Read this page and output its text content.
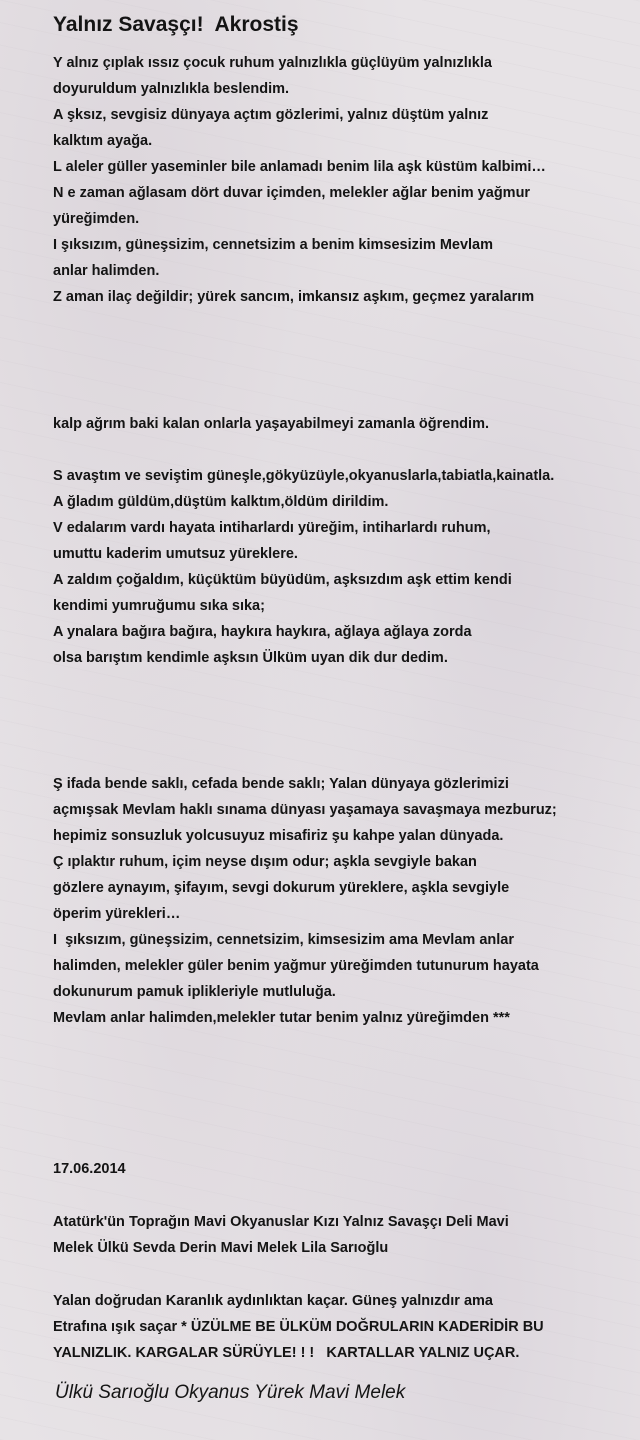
Yalnız Savaşçı!  Akrostiş
Y alnız çıplak ıssız çocuk ruhum yalnızlıkla güçlüyüm yalnızlıkla
doyuruldum yalnızlıkla beslendim.
A şksız, sevgisiz dünyaya açtım gözlerimi, yalnız düştüm yalnız
kalktım ayağa.
L aleler güller yaseminler bile anlamadı benim lila aşk küstüm kalbimi…
N e zaman ağlasam dört duvar içimden, melekler ağlar benim yağmur
yüreğimden.
I şıksızım, güneşsizim, cennetsizim a benim kimsesizim Mevlam
anlar halimden.
Z aman ilaç değildir; yürek sancım, imkansız aşkım, geçmez yaralarım
kalp ağrım baki kalan onlarla yaşayabilmeyi zamanla öğrendim.
S avaştım ve seviştim güneşle,gökyüzüyle,okyanuslarla,tabiatla,kainatla.
A ğladım güldüm,düştüm kalktım,öldüm dirildim.
V edalarım vardı hayata intiharlardı yüreğim, intiharlardı ruhum,
umuttu kaderim umutsuz yüreklere.
A zaldım çoğaldım, küçüktüm büyüdüm, aşksızdım aşk ettim kendi
kendimi yumruğumu sıka sıka;
A ynalara bağıra bağıra, haykıra haykıra, ağlaya ağlaya zorda
olsa barıştım kendimle aşksın Ülküm uyan dik dur dedim.
Ş ifada bende saklı, cefada bende saklı; Yalan dünyaya gözlerimizi
açmışsak Mevlam haklı sınama dünyası yaşamaya savaşmaya mezburuz;
hepimiz sonsuzluk yolcusuyuz misafiriz şu kahpe yalan dünyada.
Ç ıplaktır ruhum, içim neyse dışım odur; aşkla sevgiyle bakan
gözlere aynayım, şifayım, sevgi dokurum yüreklere, aşkla sevgiyle
öperim yürekleri…
I  şıksızım, güneşsizim, cennetsizim, kimsesizim ama Mevlam anlar
halimden, melekler güler benim yağmur yüreğimden tutunurum hayata
dokunurum pamuk iplikleriyle mutluluğa.
Mevlam anlar halimden,melekler tutar benim yalnız yüreğimden ***
17.06.2014
Atatürk'ün Toprağın Mavi Okyanuslar Kızı Yalnız Savaşçı Deli Mavi
Melek Ülkü Sevda Derin Mavi Melek Lila Sarıoğlu
Yalan doğrudan Karanlık aydınlıktan kaçar. Güneş yalnızdır ama
Etrafına ışık saçar * ÜZÜLME BE ÜLKÜM DOĞRULARIN KADERİDİR BU
YALNIZLIK. KARGALAR SÜRÜYLE! ! !   KARTALLAR YALNIZ UÇAR.
Ülkü Sarıoğlu Okyanus Yürek Mavi Melek
